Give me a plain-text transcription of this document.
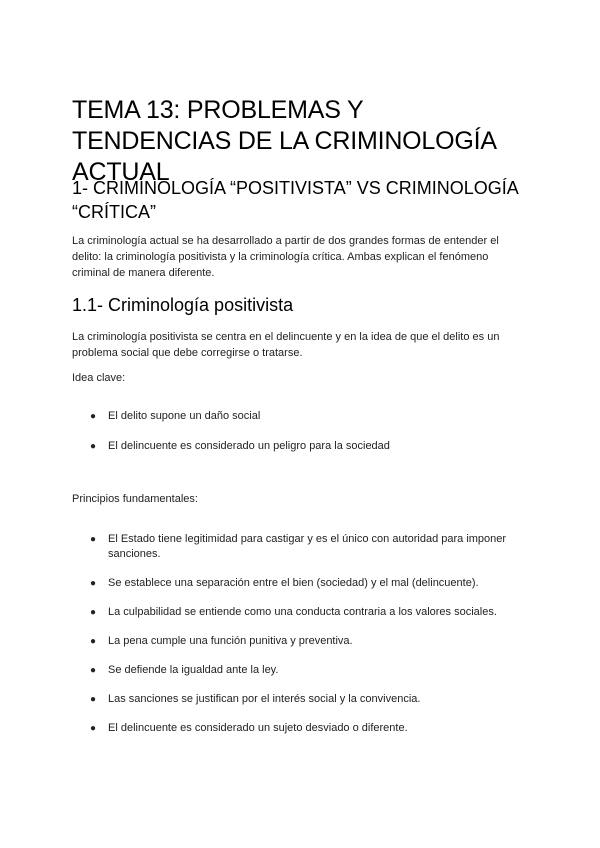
TEMA 13: PROBLEMAS Y TENDENCIAS DE LA CRIMINOLOGÍA ACTUAL
1- CRIMINOLOGÍA “POSITIVISTA” VS CRIMINOLOGÍA “CRÍTICA”

La criminología actual se ha desarrollado a partir de dos grandes formas de entender el delito: la criminología positivista y la criminología crítica. Ambas explican el fenómeno criminal de manera diferente.

1.1- Criminología positivista

La criminología positivista se centra en el delincuente y en la idea de que el delito es un problema social que debe corregirse o tratarse.

Idea clave:

● El delito supone un daño social
● El delincuente es considerado un peligro para la sociedad

Principios fundamentales:

● El Estado tiene legitimidad para castigar y es el único con autoridad para imponer sanciones.
● Se establece una separación entre el bien (sociedad) y el mal (delincuente).
● La culpabilidad se entiende como una conducta contraria a los valores sociales.
● La pena cumple una función punitiva y preventiva.
● Se defiende la igualdad ante la ley.
● Las sanciones se justifican por el interés social y la convivencia.
● El delincuente es considerado un sujeto desviado o diferente.
